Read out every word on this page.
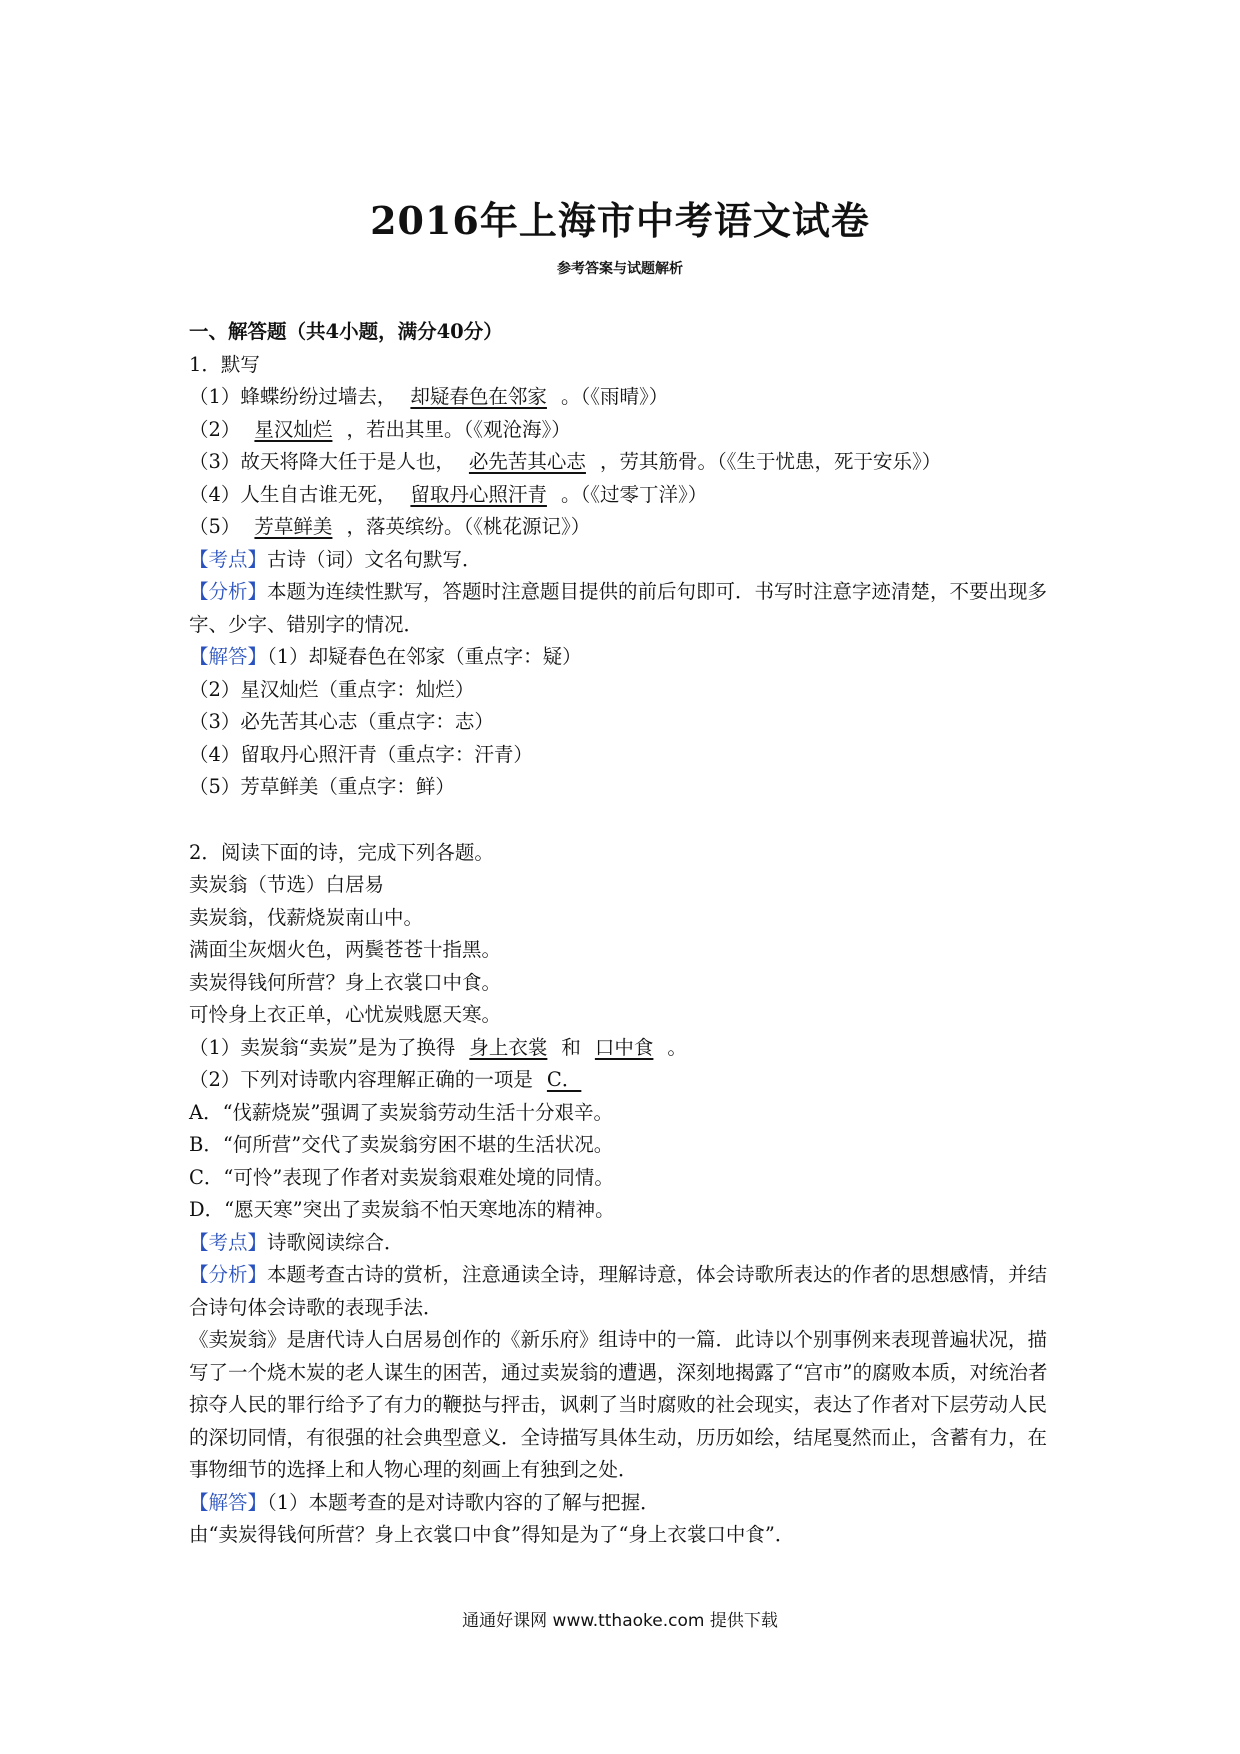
2016年上海市中考语文试卷
参考答案与试题解析
一、解答题（共4小题，满分40分）
1．默写
（1）蜂蝶纷纷过墙去， 却疑春色在邻家 。（《雨晴》）
（2） 星汉灿烂 ，若出其里。（《观沧海》）
（3）故天将降大任于是人也， 必先苦其心志 ，劳其筋骨。（《生于忧患，死于安乐》）
（4）人生自古谁无死， 留取丹心照汗青 。（《过零丁洋》）
（5） 芳草鲜美 ，落英缤纷。（《桃花源记》）
【考点】古诗（词）文名句默写．
【分析】本题为连续性默写，答题时注意题目提供的前后句即可．书写时注意字迹清楚，不要出现多字、少字、错别字的情况．
【解答】（1）却疑春色在邻家（重点字：疑）
（2）星汉灿烂（重点字：灿烂）
（3）必先苦其心志（重点字：志）
（4）留取丹心照汗青（重点字：汗青）
（5）芳草鲜美（重点字：鲜）
2．阅读下面的诗，完成下列各题。
卖炭翁（节选）白居易
卖炭翁，伐薪烧炭南山中。
满面尘灰烟火色，两鬓苍苍十指黑。
卖炭得钱何所营？身上衣裳口中食。
可怜身上衣正单，心忧炭贱愿天寒。
（1）卖炭翁“卖炭”是为了换得 身上衣裳 和 口中食 。
（2）下列对诗歌内容理解正确的一项是 C．
A．“伐薪烧炭”强调了卖炭翁劳动生活十分艰辛。
B．“何所营”交代了卖炭翁穷困不堪的生活状况。
C．“可怜”表现了作者对卖炭翁艰难处境的同情。
D．“愿天寒”突出了卖炭翁不怕天寒地冻的精神。
【考点】诗歌阅读综合．
【分析】本题考查古诗的赏析，注意通读全诗，理解诗意，体会诗歌所表达的作者的思想感情，并结合诗句体会诗歌的表现手法．
《卖炭翁》是唐代诗人白居易创作的《新乐府》组诗中的一篇．此诗以个别事例来表现普遍状况，描写了一个烧木炭的老人谋生的困苦，通过卖炭翁的遭遇，深刻地揭露了“宫市”的腐败本质，对统治者掠夺人民的罪行给予了有力的鞭挞与抨击，讽刺了当时腐败的社会现实，表达了作者对下层劳动人民的深切同情，有很强的社会典型意义．全诗描写具体生动，历历如绘，结尾戛然而止，含蓄有力，在事物细节的选择上和人物心理的刻画上有独到之处．
【解答】（1）本题考查的是对诗歌内容的了解与把握．
由“卖炭得钱何所营？身上衣裳口中食”得知是为了“身上衣裳口中食”．
通通好课网 www.tthaoke.com 提供下载
